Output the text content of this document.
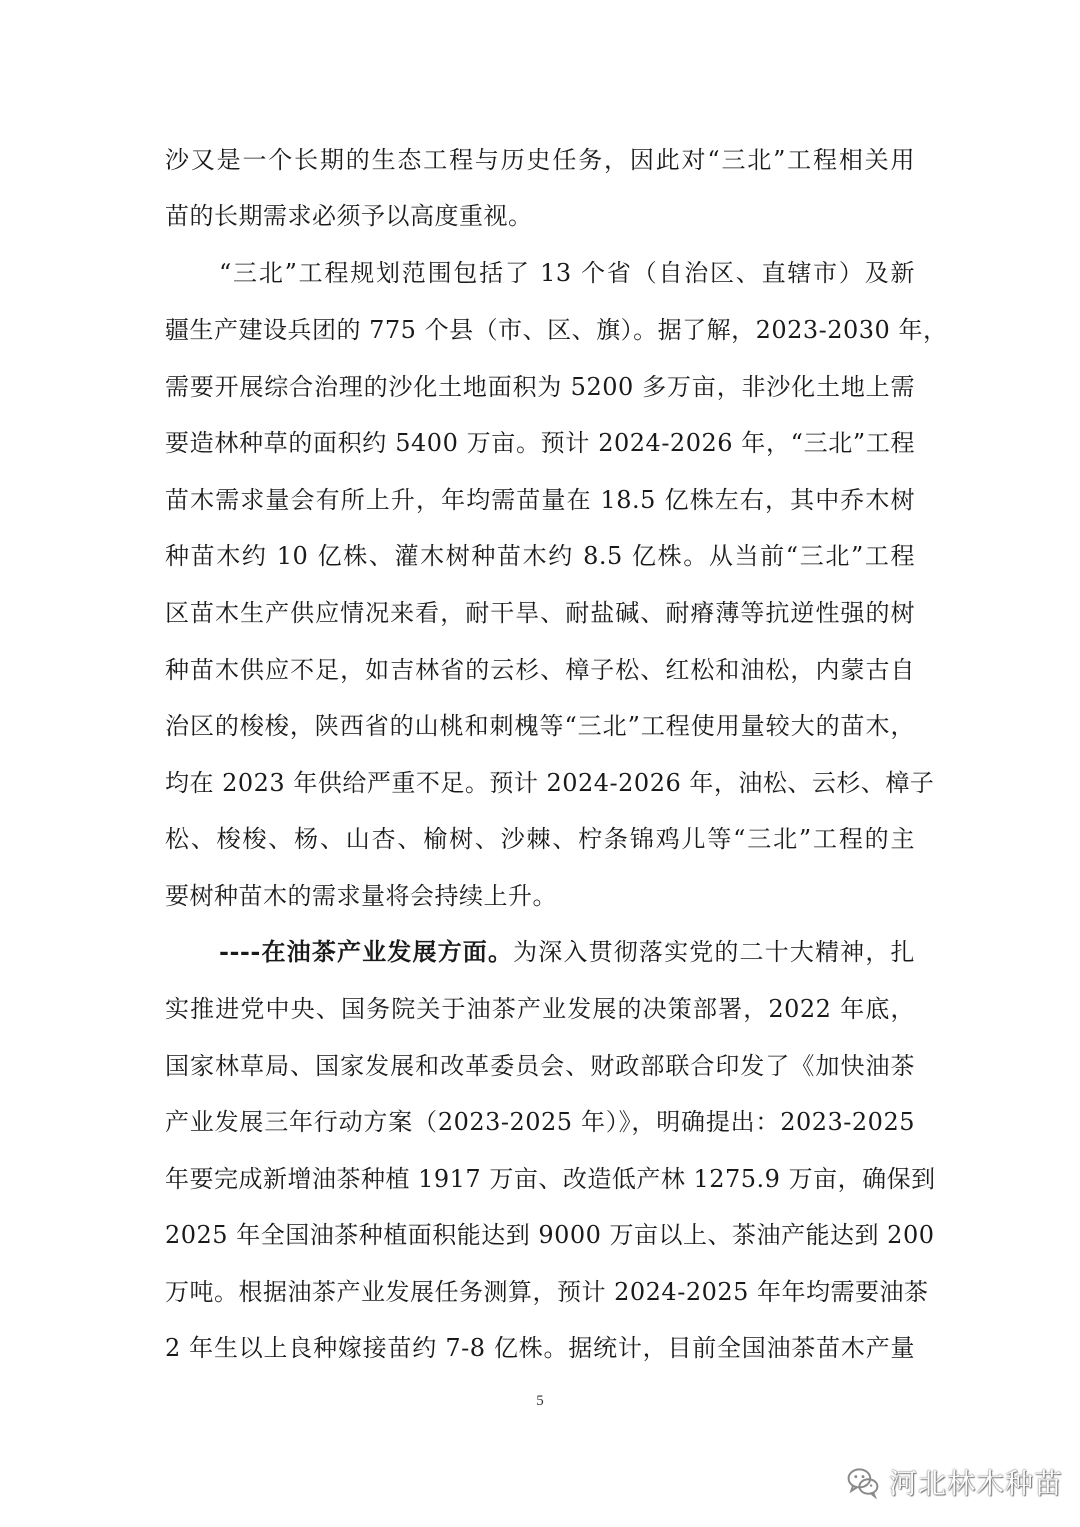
沙又是一个长期的生态工程与历史任务，因此对“三北”工程相关用
苗的长期需求必须予以高度重视。
“三北”工程规划范围包括了 13 个省（自治区、直辖市）及新
疆生产建设兵团的 775 个县（市、区、旗）。据了解，2023-2030 年，
需要开展综合治理的沙化土地面积为 5200 多万亩，非沙化土地上需
要造林种草的面积约 5400 万亩。预计 2024-2026 年，“三北”工程
苗木需求量会有所上升，年均需苗量在 18.5 亿株左右，其中乔木树
种苗木约 10 亿株、灌木树种苗木约 8.5 亿株。从当前“三北”工程
区苗木生产供应情况来看，耐干旱、耐盐碱、耐瘠薄等抗逆性强的树
种苗木供应不足，如吉林省的云杉、樟子松、红松和油松，内蒙古自
治区的梭梭，陕西省的山桃和刺槐等“三北”工程使用量较大的苗木，
均在 2023 年供给严重不足。预计 2024-2026 年，油松、云杉、樟子
松、梭梭、杨、山杏、榆树、沙棘、柠条锦鸡儿等“三北”工程的主
要树种苗木的需求量将会持续上升。
----在油茶产业发展方面。为深入贯彻落实党的二十大精神，扎
实推进党中央、国务院关于油茶产业发展的决策部署，2022 年底，
国家林草局、国家发展和改革委员会、财政部联合印发了《加快油茶
产业发展三年行动方案（2023-2025 年）》，明确提出：2023-2025
年要完成新增油茶种植 1917 万亩、改造低产林 1275.9 万亩，确保到
2025 年全国油茶种植面积能达到 9000 万亩以上、茶油产能达到 200
万吨。根据油茶产业发展任务测算，预计 2024-2025 年年均需要油茶
2 年生以上良种嫁接苗约 7-8 亿株。据统计，目前全国油茶苗木产量
5
河北林木种苗
